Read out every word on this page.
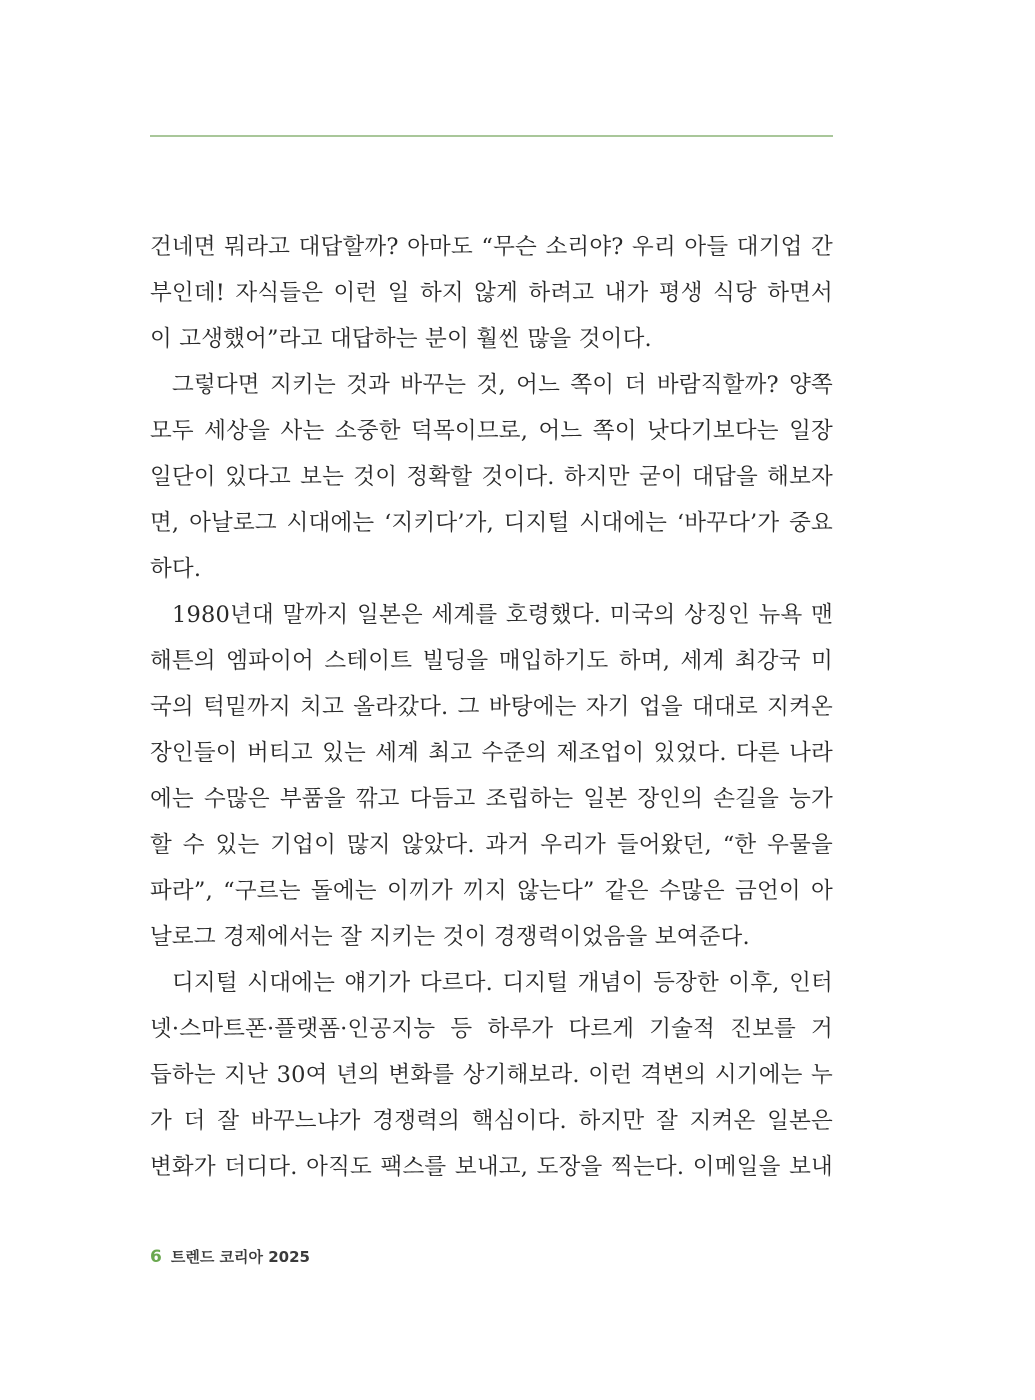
건네면 뭐라고 대답할까? 아마도 “무슨 소리야? 우리 아들 대기업 간
부인데! 자식들은 이런 일 하지 않게 하려고 내가 평생 식당 하면서
이 고생했어”라고 대답하는 분이 훨씬 많을 것이다.
그렇다면 지키는 것과 바꾸는 것, 어느 쪽이 더 바람직할까? 양쪽
모두 세상을 사는 소중한 덕목이므로, 어느 쪽이 낫다기보다는 일장
일단이 있다고 보는 것이 정확할 것이다. 하지만 굳이 대답을 해보자
면, 아날로그 시대에는 ‘지키다’가, 디지털 시대에는 ‘바꾸다’가 중요
하다.
1980년대 말까지 일본은 세계를 호령했다. 미국의 상징인 뉴욕 맨
해튼의 엠파이어 스테이트 빌딩을 매입하기도 하며, 세계 최강국 미
국의 턱밑까지 치고 올라갔다. 그 바탕에는 자기 업을 대대로 지켜온
장인들이 버티고 있는 세계 최고 수준의 제조업이 있었다. 다른 나라
에는 수많은 부품을 깎고 다듬고 조립하는 일본 장인의 손길을 능가
할 수 있는 기업이 많지 않았다. 과거 우리가 들어왔던, “한 우물을
파라”, “구르는 돌에는 이끼가 끼지 않는다” 같은 수많은 금언이 아
날로그 경제에서는 잘 지키는 것이 경쟁력이었음을 보여준다.
디지털 시대에는 얘기가 다르다. 디지털 개념이 등장한 이후, 인터
넷·스마트폰·플랫폼·인공지능 등 하루가 다르게 기술적 진보를 거
듭하는 지난 30여 년의 변화를 상기해보라. 이런 격변의 시기에는 누
가 더 잘 바꾸느냐가 경쟁력의 핵심이다. 하지만 잘 지켜온 일본은
변화가 더디다. 아직도 팩스를 보내고, 도장을 찍는다. 이메일을 보내
6 트렌드 코리아 2025
